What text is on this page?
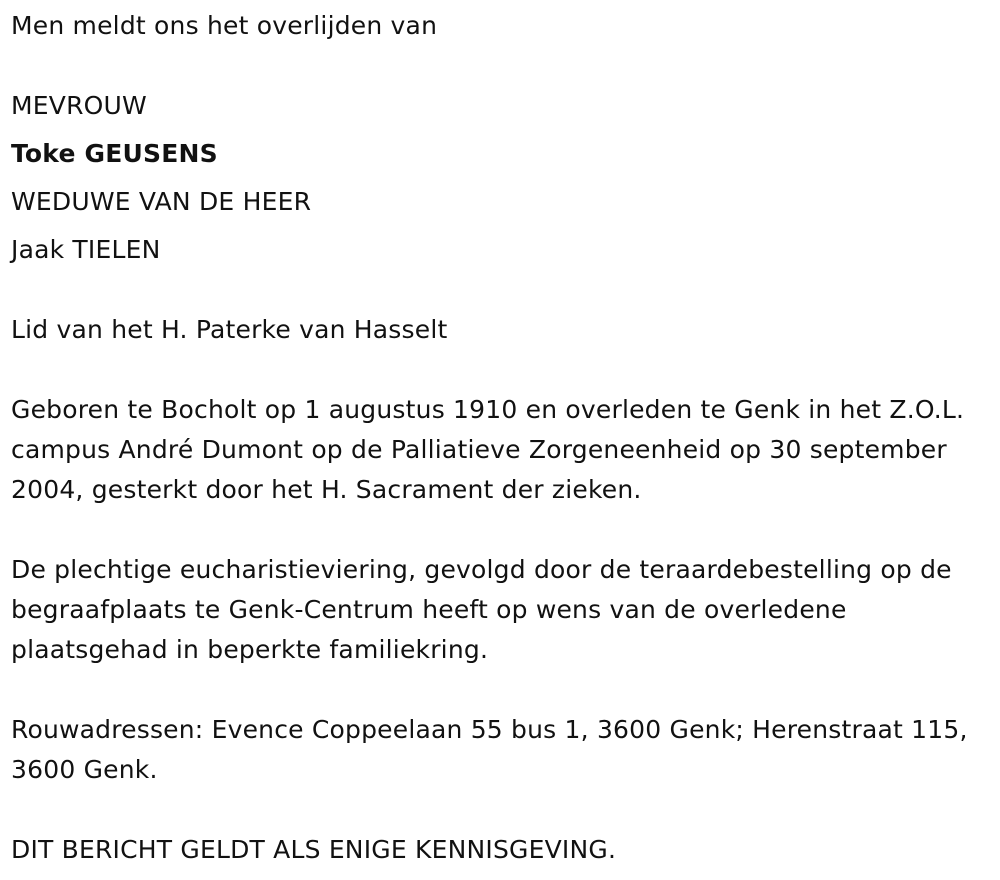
Men meldt ons het overlijden van
MEVROUW
Toke GEUSENS
WEDUWE VAN DE HEER
Jaak TIELEN

Lid van het H. Paterke van Hasselt

Geboren te Bocholt op 1 augustus 1910 en overleden te Genk in het Z.O.L. campus André Dumont op de Palliatieve Zorgeneenheid op 30 september 2004, gesterkt door het H. Sacrament der zieken.

De plechtige eucharistieviering, gevolgd door de teraardebestelling op de begraafplaats te Genk-Centrum heeft op wens van de overledene plaatsgehad in beperkte familiekring.

Rouwadressen: Evence Coppeelaan 55 bus 1, 3600 Genk; Herenstraat 115, 3600 Genk.

DIT BERICHT GELDT ALS ENIGE KENNISGEVING.
